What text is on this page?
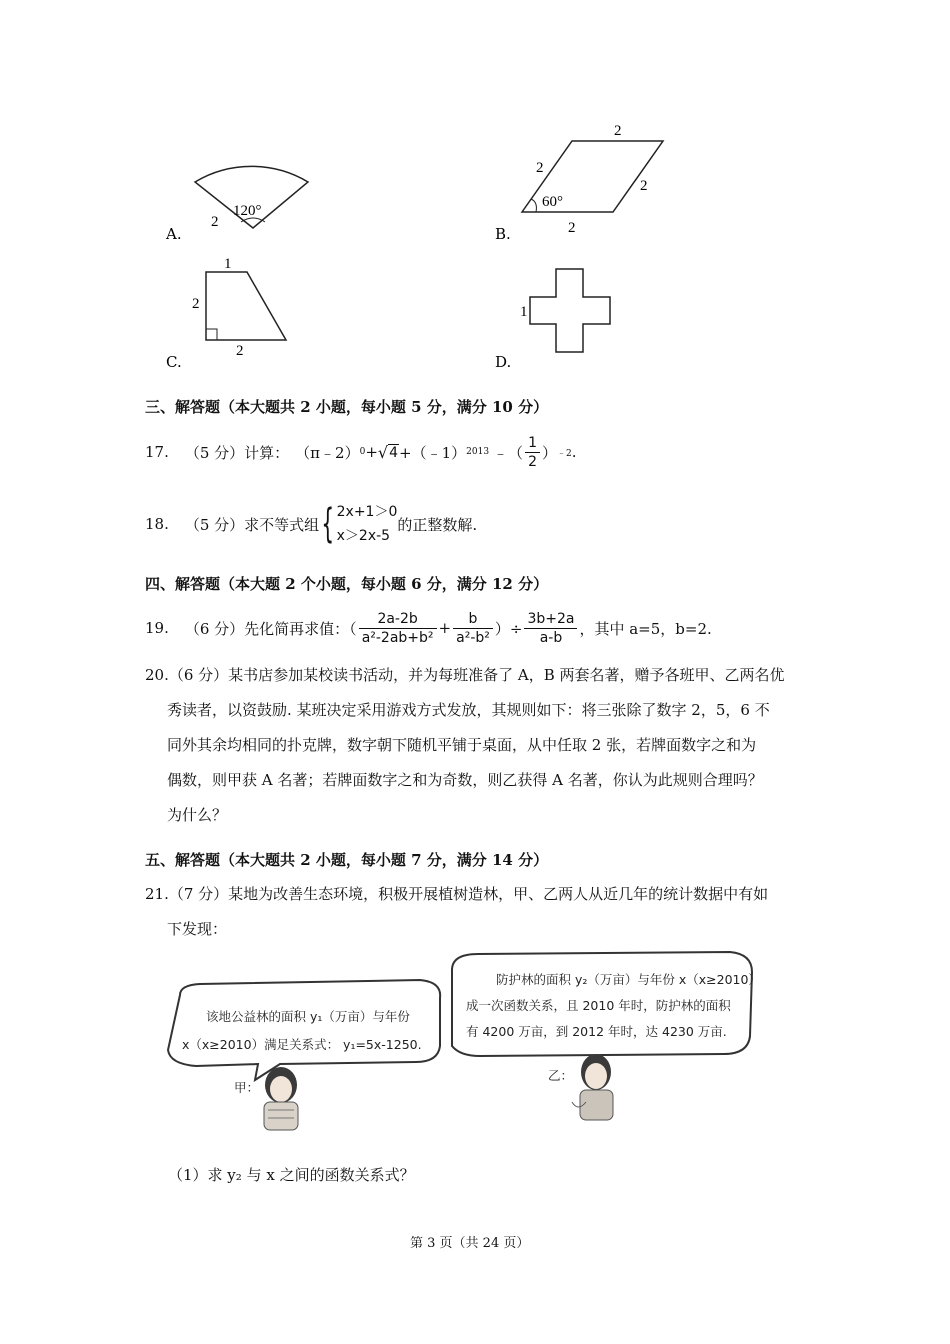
120°
2
A.
2
2
2
60°
2
B.
1
2
2
C.
1
D.
三、解答题（本大题共 2 小题，每小题 5 分，满分 10 分）
17. （5 分）计算： （π﹣2） 0 + √ 4 +（﹣1） 2013 ﹣（ $\frac{1}{2}$ ） ﹣2 .
18. （5 分）求不等式组 { 2x+1＞0
x＞2x-5
的正整数解.
四、解答题（本大题 2 个小题，每小题 6 分，满分 12 分）
19. （6 分）先化简再求值：（ $\frac{2a-2b}{\text{a²-2ab+b²}} + \frac{b}{\text{a²-b²}}$ ）÷ $\frac{3b+2a}{a-b}$ ，其中 a=5，b=2.
20.（6 分）某书店参加某校读书活动，并为每班准备了 A，B 两套名著，赠予各班甲、乙两名优
秀读者，以资鼓励. 某班决定采用游戏方式发放，其规则如下：将三张除了数字 2，5，6 不
同外其余均相同的扑克牌，数字朝下随机平铺于桌面，从中任取 2 张，若牌面数字之和为
偶数，则甲获 A 名著；若牌面数字之和为奇数，则乙获得 A 名著，你认为此规则合理吗？
为什么？
五、解答题（本大题共 2 小题，每小题 7 分，满分 14 分）
21.（7 分）某地为改善生态环境，积极开展植树造林，甲、乙两人从近几年的统计数据中有如
下发现：
该地公益林的面积 y₁（万亩）与年份
x（x≥2010）满足关系式： y₁=5x-1250.
甲：
防护林的面积 y₂（万亩）与年份 x（x≥2010）
成一次函数关系，且 2010 年时，防护林的面积
有 4200 万亩，到 2012 年时，达 4230 万亩.
乙：
（1）求 y₂ 与 x 之间的函数关系式？
第 3 页（共 24 页）
